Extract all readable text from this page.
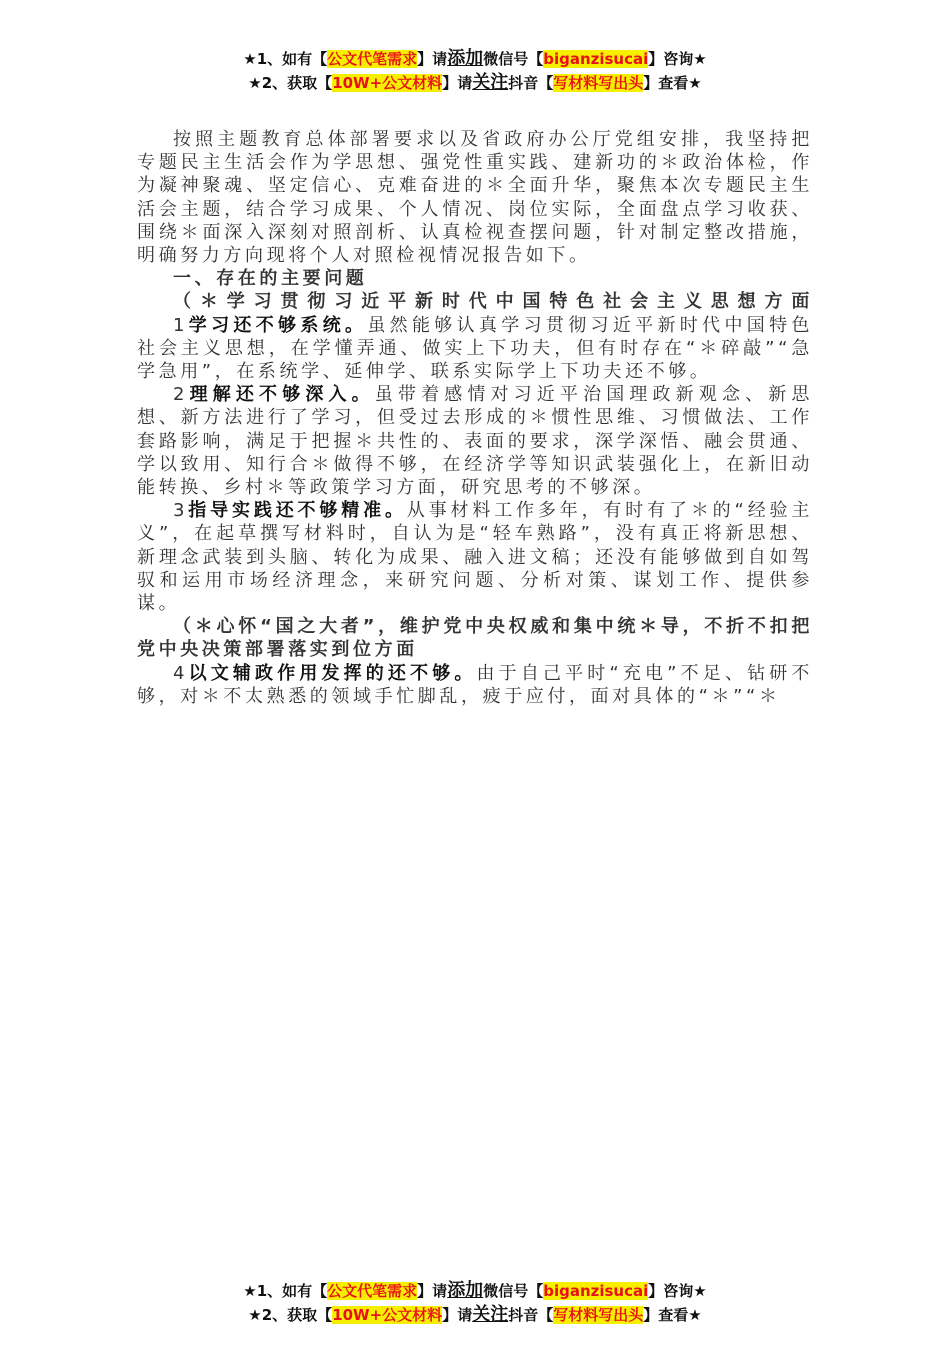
★1、如有【公文代笔需求】请添加微信号【biganzisucai】咨询★
★2、获取【10W+公文材料】请关注抖音【写材料写出头】查看★

按照主题教育总体部署要求以及省政府办公厅党组安排，我坚持把专题民主生活会作为学思想、强党性重实践、建新功的＊政治体检，作为凝神聚魂、坚定信心、克难奋进的＊全面升华，聚焦本次专题民主生活会主题，结合学习成果、个人情况、岗位实际，全面盘点学习收获、围绕＊面深入深刻对照剖析、认真检视查摆问题，针对制定整改措施，明确努力方向现将个人对照检视情况报告如下。

一、存在的主要问题

（＊学习贯彻习近平新时代中国特色社会主义思想方面

1学习还不够系统。虽然能够认真学习贯彻习近平新时代中国特色社会主义思想，在学懂弄通、做实上下功夫，但有时存在“＊碎敲”“急学急用”，在系统学、延伸学、联系实际学上下功夫还不够。

2理解还不够深入。虽带着感情对习近平治国理政新观念、新思想、新方法进行了学习，但受过去形成的＊惯性思维、习惯做法、工作套路影响，满足于把握＊共性的、表面的要求，深学深悟、融会贯通、学以致用、知行合＊做得不够，在经济学等知识武装强化上，在新旧动能转换、乡村＊等政策学习方面，研究思考的不够深。

3指导实践还不够精准。从事材料工作多年，有时有了＊的“经验主义”，在起草撰写材料时，自认为是“轻车熟路”，没有真正将新思想、新理念武装到头脑、转化为成果、融入进文稿；还没有能够做到自如驾驭和运用市场经济理念，来研究问题、分析对策、谋划工作、提供参谋。

（＊心怀“国之大者”，维护党中央权威和集中统＊导，不折不扣把党中央决策部署落实到位方面

4以文辅政作用发挥的还不够。由于自己平时“充电”不足、钻研不够，对＊不太熟悉的领域手忙脚乱，疲于应付，面对具体的“＊”“＊

★1、如有【公文代笔需求】请添加微信号【biganzisucai】咨询★
★2、获取【10W+公文材料】请关注抖音【写材料写出头】查看★
